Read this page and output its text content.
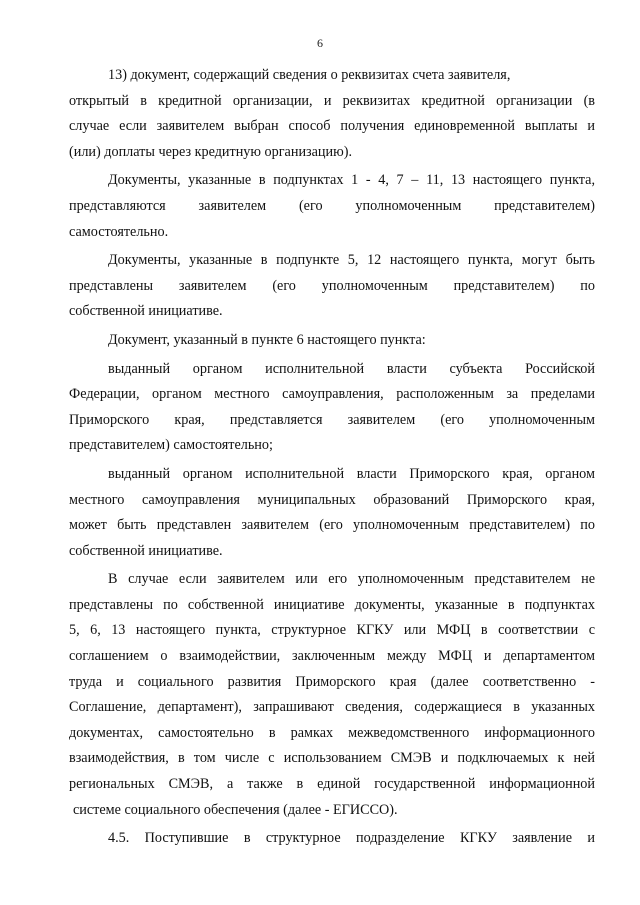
6
13) документ, содержащий сведения о реквизитах счета заявителя,
открытый в кредитной организации, и реквизитах кредитной организации (в
случае если заявителем выбран способ получения единовременной выплаты и
(или) доплаты через кредитную организацию).
Документы, указанные в подпунктах 1 - 4, 7 – 11, 13 настоящего пункта,
представляются заявителем (его уполномоченным представителем)
самостоятельно.
Документы, указанные в подпункте 5, 12 настоящего пункта, могут быть
представлены заявителем (его уполномоченным представителем) по
собственной инициативе.
Документ, указанный в пункте 6 настоящего пункта:
выданный органом исполнительной власти субъекта Российской
Федерации, органом местного самоуправления, расположенным за пределами
Приморского края, представляется заявителем (его уполномоченным
представителем) самостоятельно;
выданный органом исполнительной власти Приморского края, органом
местного самоуправления муниципальных образований Приморского края,
может быть представлен заявителем (его уполномоченным представителем) по
собственной инициативе.
В случае если заявителем или его уполномоченным представителем не
представлены по собственной инициативе документы, указанные в подпунктах
5, 6, 13 настоящего пункта, структурное КГКУ или МФЦ в соответствии с
соглашением о взаимодействии, заключенным между МФЦ и департаментом
труда и социального развития Приморского края (далее соответственно -
Соглашение, департамент), запрашивают сведения, содержащиеся в указанных
документах, самостоятельно в рамках межведомственного информационного
взаимодействия, в том числе с использованием СМЭВ и подключаемых к ней
региональных СМЭВ, а также в единой государственной информационной
системе социального обеспечения (далее - ЕГИССО).
4.5. Поступившие в структурное подразделение КГКУ заявление и
